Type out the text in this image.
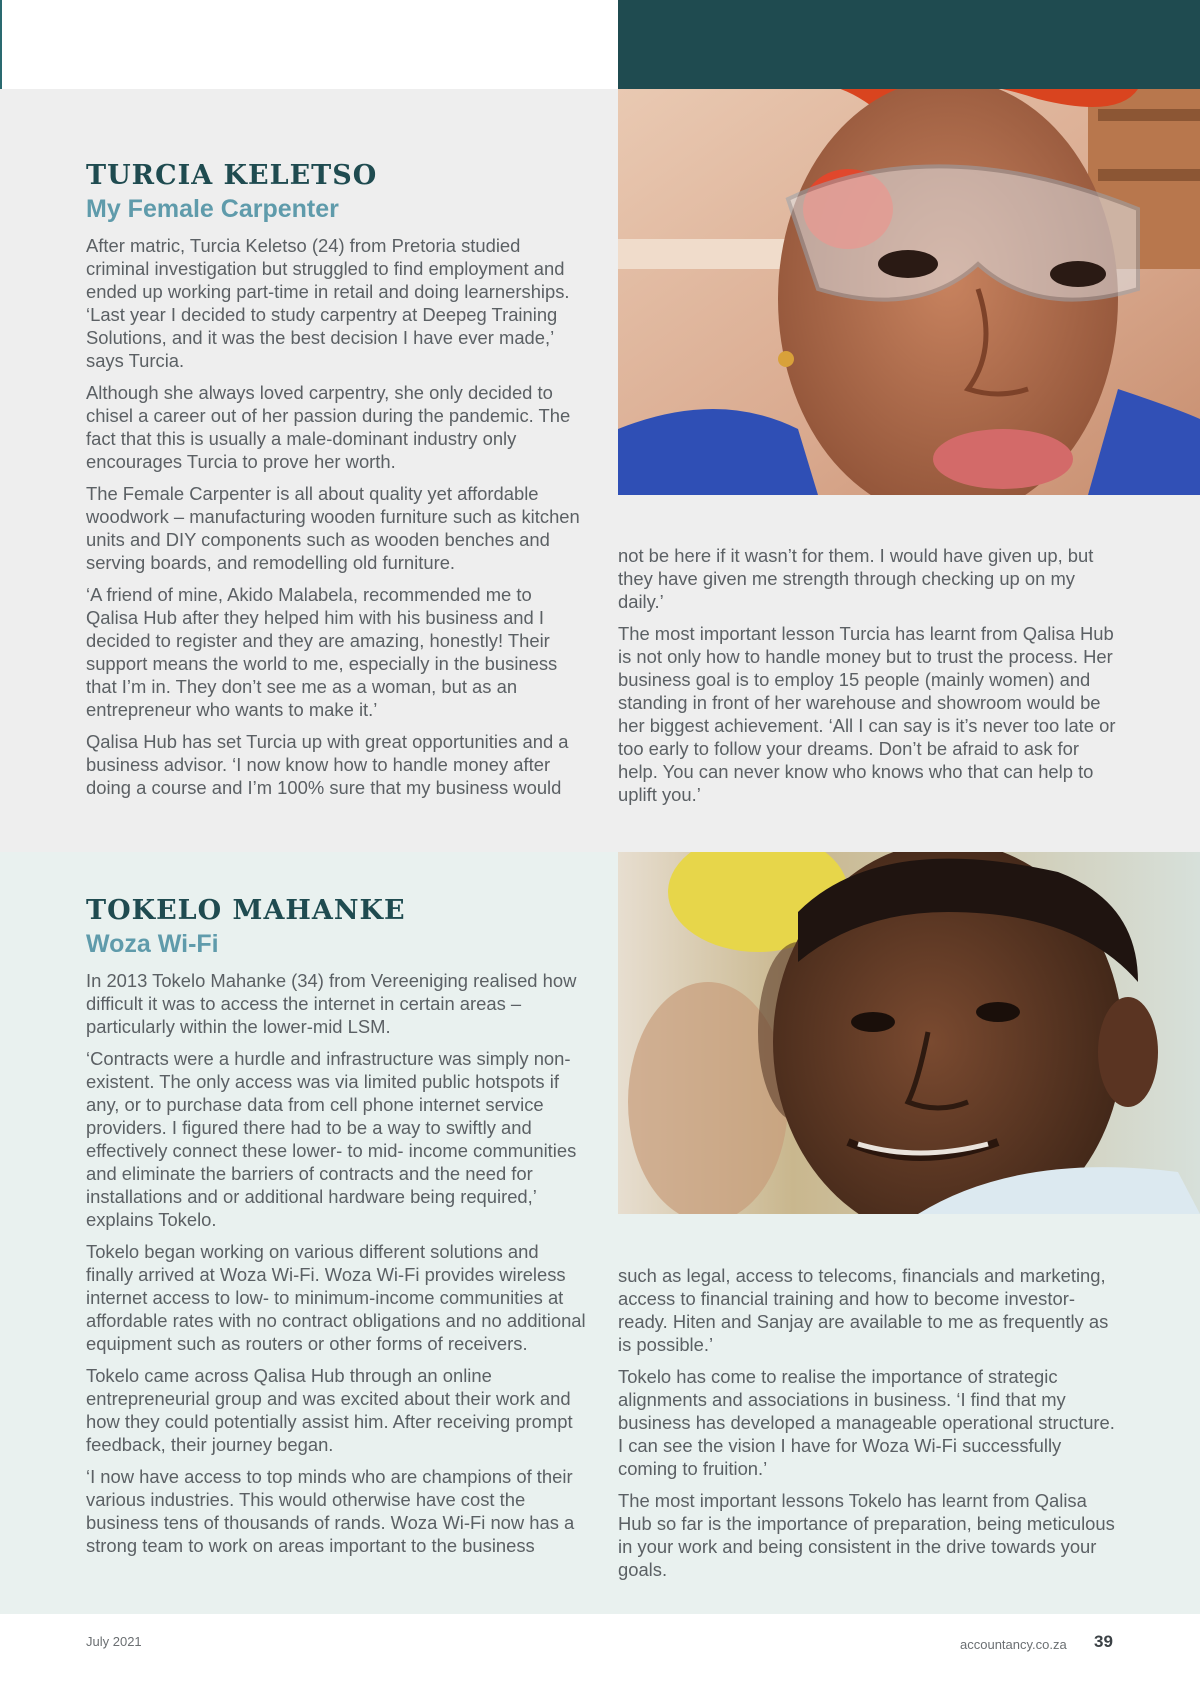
TURCIA KELETSO
My Female Carpenter

After matric, Turcia Keletso (24) from Pretoria studied criminal investigation but struggled to find employment and ended up working part-time in retail and doing learnerships. ‘Last year I decided to study carpentry at Deepeg Training Solutions, and it was the best decision I have ever made,’ says Turcia.

Although she always loved carpentry, she only decided to chisel a career out of her passion during the pandemic. The fact that this is usually a male-dominant industry only encourages Turcia to prove her worth.

The Female Carpenter is all about quality yet affordable woodwork – manufacturing wooden furniture such as kitchen units and DIY components such as wooden benches and serving boards, and remodelling old furniture.

‘A friend of mine, Akido Malabela, recommended me to Qalisa Hub after they helped him with his business and I decided to register and they are amazing, honestly! Their support means the world to me, especially in the business that I’m in. They don’t see me as a woman, but as an entrepreneur who wants to make it.’

Qalisa Hub has set Turcia up with great opportunities and a business advisor. ‘I now know how to handle money after doing a course and I’m 100% sure that my business would

not be here if it wasn’t for them. I would have given up, but they have given me strength through checking up on my daily.’

The most important lesson Turcia has learnt from Qalisa Hub is not only how to handle money but to trust the process. Her business goal is to employ 15 people (mainly women) and standing in front of her warehouse and showroom would be her biggest achievement. ‘All I can say is it’s never too late or too early to follow your dreams. Don’t be afraid to ask for help. You can never know who knows who that can help to uplift you.’

TOKELO MAHANKE
Woza Wi-Fi

In 2013 Tokelo Mahanke (34) from Vereeniging realised how difficult it was to access the internet in certain areas – particularly within the lower-mid LSM.

‘Contracts were a hurdle and infrastructure was simply non-existent. The only access was via limited public hotspots if any, or to purchase data from cell phone internet service providers. I figured there had to be a way to swiftly and effectively connect these lower- to mid- income communities and eliminate the barriers of contracts and the need for installations and or additional hardware being required,’ explains Tokelo.

Tokelo began working on various different solutions and finally arrived at Woza Wi-Fi. Woza Wi-Fi provides wireless internet access to low- to minimum-income communities at affordable rates with no contract obligations and no additional equipment such as routers or other forms of receivers.

Tokelo came across Qalisa Hub through an online entrepreneurial group and was excited about their work and how they could potentially assist him. After receiving prompt feedback, their journey began.

‘I now have access to top minds who are champions of their various industries. This would otherwise have cost the business tens of thousands of rands. Woza Wi-Fi now has a strong team to work on areas important to the business

such as legal, access to telecoms, financials and marketing, access to financial training and how to become investor-ready. Hiten and Sanjay are available to me as frequently as is possible.’

Tokelo has come to realise the importance of strategic alignments and associations in business. ‘I find that my business has developed a manageable operational structure. I can see the vision I have for Woza Wi-Fi successfully coming to fruition.’

The most important lessons Tokelo has learnt from Qalisa Hub so far is the importance of preparation, being meticulous in your work and being consistent in the drive towards your goals.

July 2021	accountancy.co.za 39
